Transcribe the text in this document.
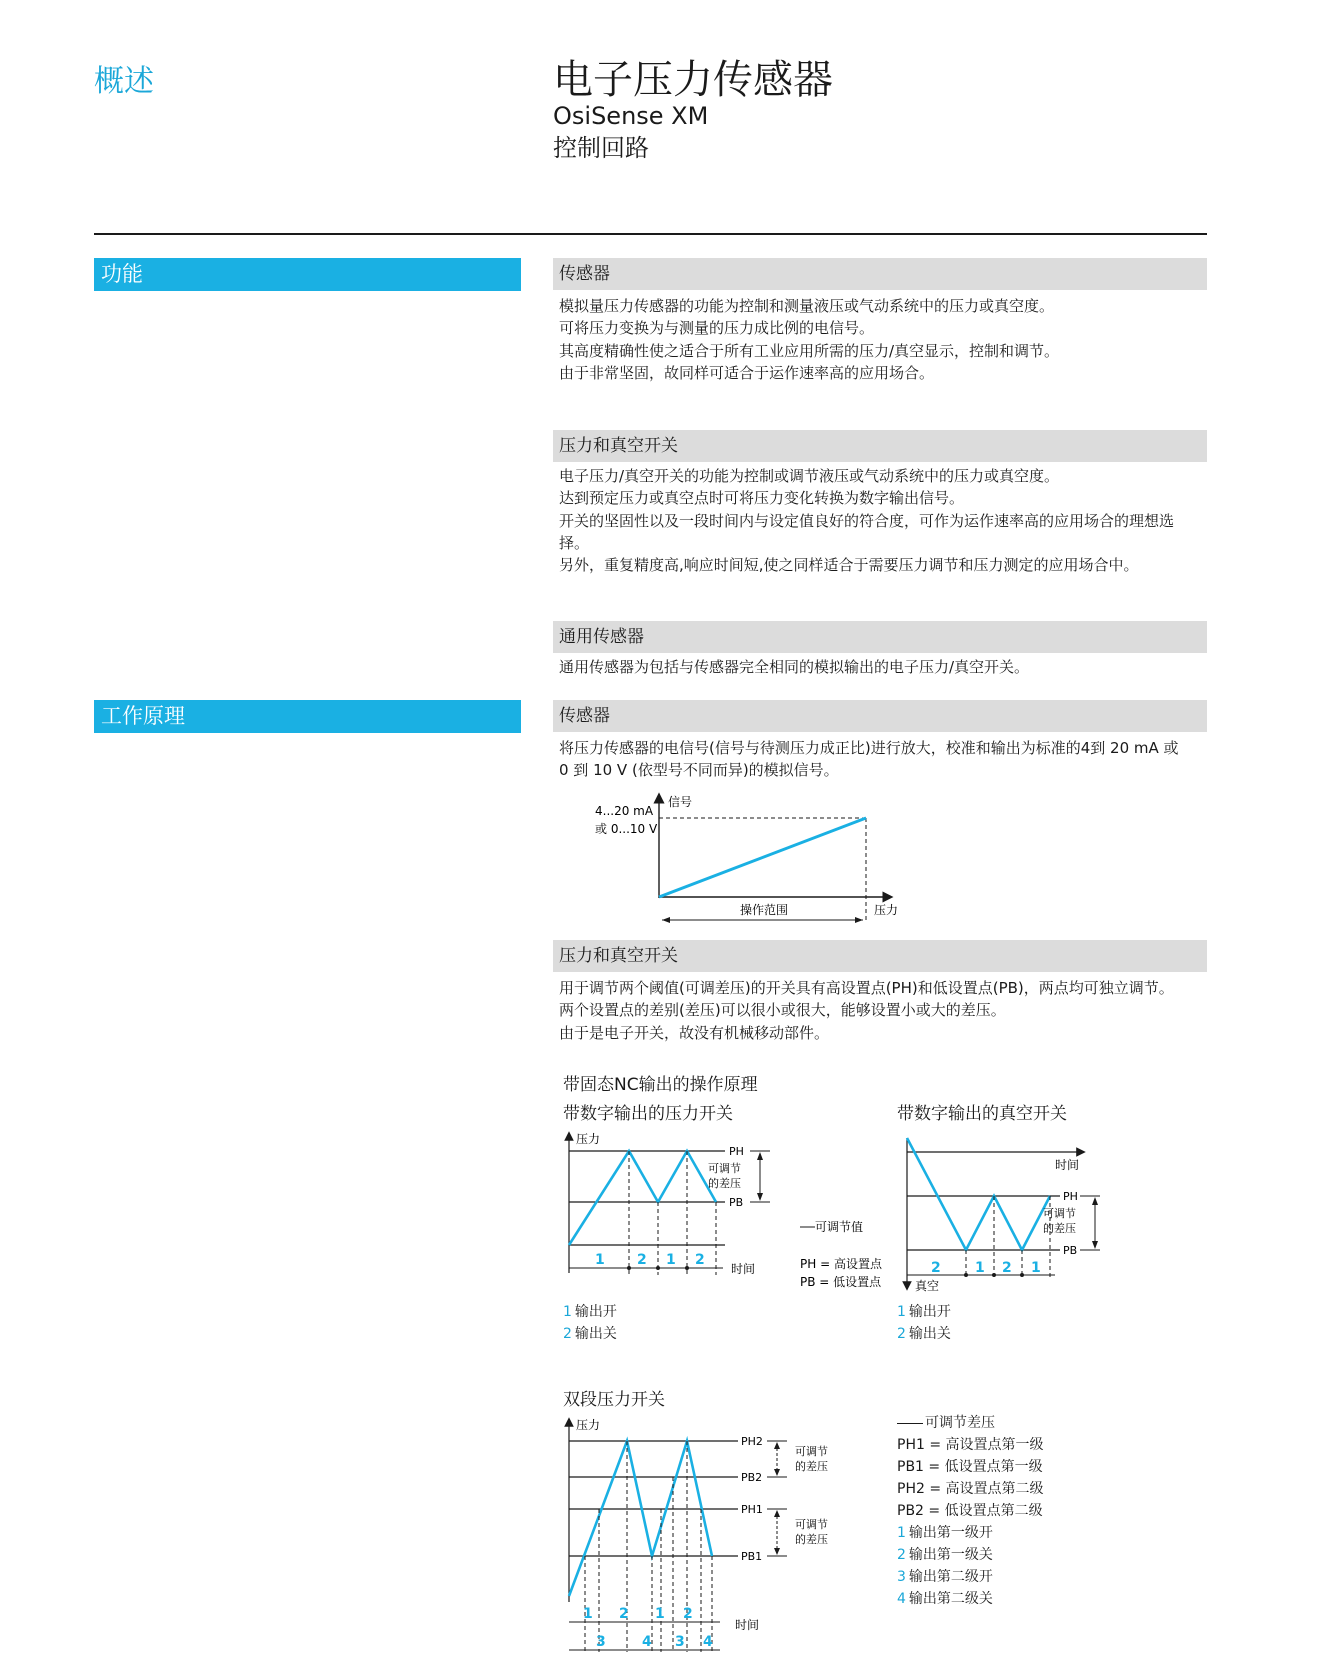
概述	电子压力传感器
OsiSense XM
控制回路
功能	传感器
模拟量压力传感器的功能为控制和测量液压或气动系统中的压力或真空度。
可将压力变换为与测量的压力成比例的电信号。
其高度精确性使之适合于所有工业应用所需的压力/真空显示，控制和调节。
由于非常坚固，故同样可适合于运作速率高的应用场合。
压力和真空开关
电子压力/真空开关的功能为控制或调节液压或气动系统中的压力或真空度。
达到预定压力或真空点时可将压力变化转换为数字输出信号。
开关的坚固性以及一段时间内与设定值良好的符合度，可作为运作速率高的应用场合的理想选
择。
另外，重复精度高,响应时间短,使之同样适合于需要压力调节和压力测定的应用场合中。
通用传感器
通用传感器为包括与传感器完全相同的模拟输出的电子压力/真空开关。
工作原理	传感器
将压力传感器的电信号(信号与待测压力成正比)进行放大，校准和输出为标准的4到 20 mA 或
0 到 10 V (依型号不同而异)的模拟信号。
4...20 mA
或 0...10 V
信号
压力
操作范围
压力和真空开关
用于调节两个阈值(可调差压)的开关具有高设置点(PH)和低设置点(PB)，两点均可独立调节。
两个设置点的差别(差压)可以很小或很大，能够设置小或大的差压。
由于是电子开关，故没有机械移动部件。
带固态NC输出的操作原理
带数字输出的压力开关	带数字输出的真空开关
1 2 1 2
压力
PH
PB
可调节
的差压
时间
可调节值
PH = 高设置点
PB = 低设置点
2 1 2 1
时间
PH
PB
可调节
的差压
真空
1 输出开
2 输出关
1 输出开
2 输出关
双段压力开关
1 2 1 2
3	4 3 4
压力
PH2
PB2
PH1
PB1
可调节
的差压
可调节
的差压
时间
可调节差压
PH1 = 高设置点第一级
PB1 = 低设置点第一级
PH2 = 高设置点第二级
PB2 = 低设置点第二级
1 输出第一级开
2 输出第一级关
3 输出第二级开
4 输出第二级关
